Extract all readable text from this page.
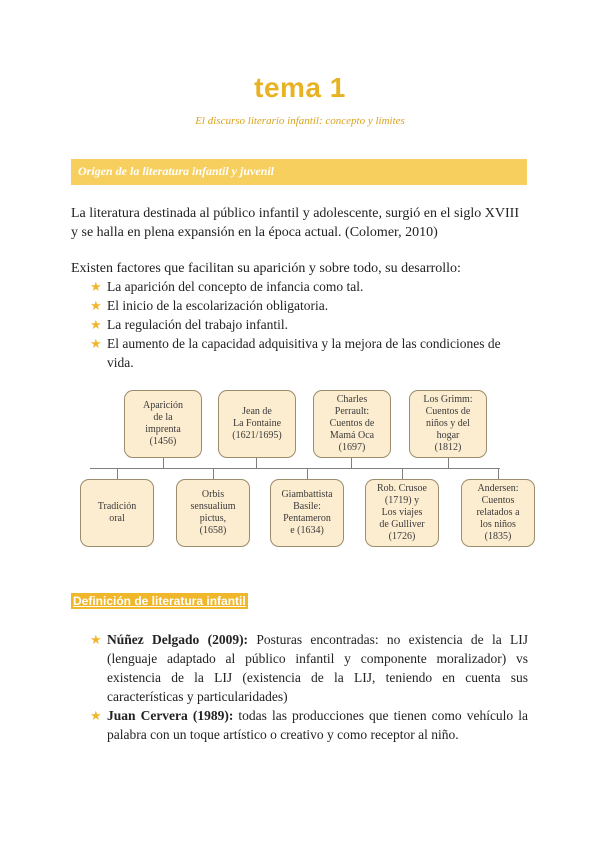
tema 1
El discurso literario infantil: concepto y límites
Origen de la literatura infantil y juvenil

La literatura destinada al público infantil y adolescente, surgió en el siglo XVIII y se halla en plena expansión en la época actual. (Colomer, 2010)

Existen factores que facilitan su aparición y sobre todo, su desarrollo:

★ La aparición del concepto de infancia como tal.
★ El inicio de la escolarización obligatoria.
★ La regulación del trabajo infantil.
★ El aumento de la capacidad adquisitiva y la mejora de las condiciones de vida.
Aparición
de la
imprenta
(1456)
Jean de
La Fontaine
(1621/1695)
Charles
Perrault:
Cuentos de
Mamá Oca
(1697)
Los Grimm:
Cuentos de
niños y del
hogar
(1812)
Tradición
oral
Orbis
sensualium
pictus,
(1658)
Giambattista
Basile:
Pentameron
e (1634)
Rob. Crusoe
(1719) y
Los viajes
de Gulliver
(1726)
Andersen:
Cuentos
relatados a
los niños
(1835)
Definición de literatura infantil
★ Núñez Delgado (2009): Posturas encontradas: no existencia de la LIJ (lenguaje adaptado al público infantil y componente moralizador) vs existencia de la LIJ (existencia de la LIJ, teniendo en cuenta sus características y particularidades)
★ Juan Cervera (1989): todas las producciones que tienen como vehículo la palabra con un toque artístico o creativo y como receptor al niño.
